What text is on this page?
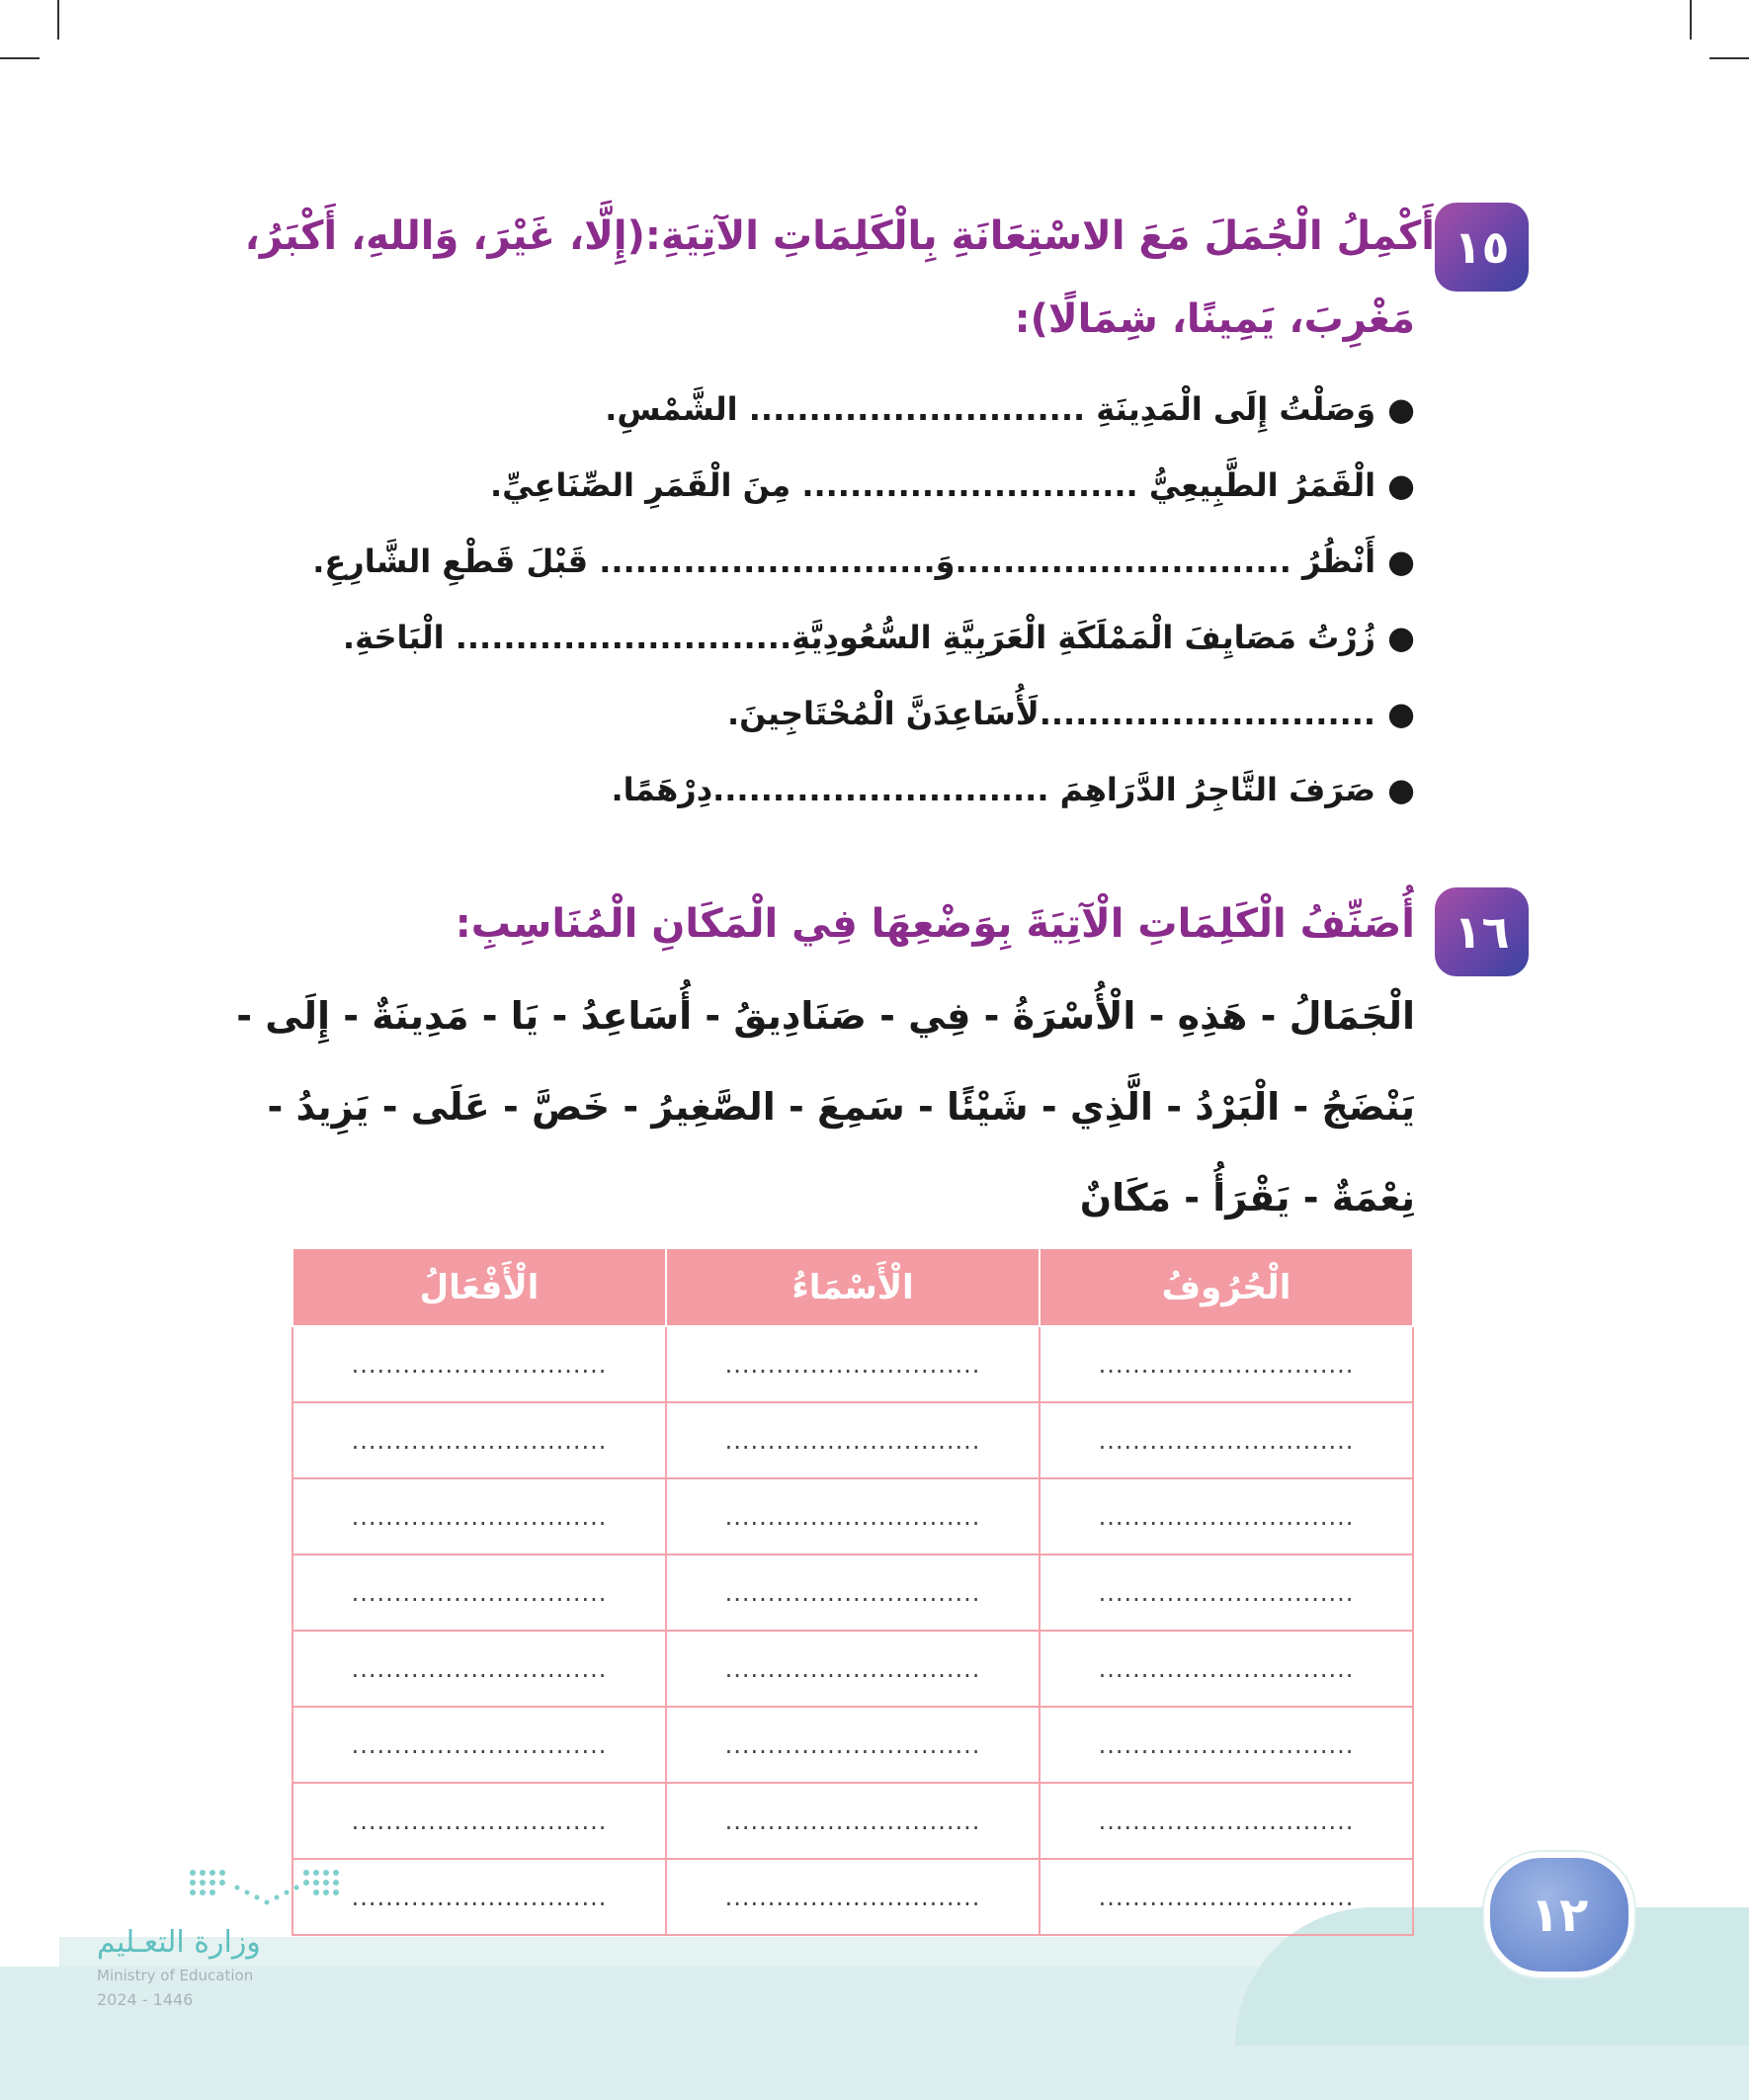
١٥
أَكْمِلُ الْجُمَلَ مَعَ الاسْتِعَانَةِ بِالْكَلِمَاتِ الآتِيَةِ:(إِلَّا، غَيْرَ، وَاللهِ، أَكْبَرُ،
مَغْرِبَ، يَمِينًا، شِمَالًا):
●وَصَلْتُ إِلَى الْمَدِينَةِ ............................ الشَّمْسِ.
●الْقَمَرُ الطَّبِيعِيُّ ............................ مِنَ الْقَمَرِ الصِّنَاعِيِّ.
●أَنْظُرُ ............................وَ............................ قَبْلَ قَطْعِ الشَّارِعِ.
●زُرْتُ مَصَايِفَ الْمَمْلَكَةِ الْعَرَبِيَّةِ السُّعُودِيَّةِ............................ الْبَاحَةِ.
●............................لَأُسَاعِدَنَّ الْمُحْتَاجِينَ.
●صَرَفَ التَّاجِرُ الدَّرَاهِمَ ............................دِرْهَمًا.
١٦
أُصَنِّفُ الْكَلِمَاتِ الْآتِيَةَ بِوَضْعِهَا فِي الْمَكَانِ الْمُنَاسِبِ:
الْجَمَالُ - هَذِهِ - الْأُسْرَةُ - فِي - صَنَادِيقُ - أُسَاعِدُ - يَا - مَدِينَةٌ - إِلَى -
يَنْضَجُ - الْبَرْدُ - الَّذِي - شَيْئًا - سَمِعَ - الصَّغِيرُ - خَصَّ - عَلَى - يَزِيدُ -
نِعْمَةٌ - يَقْرَأُ - مَكَانٌ
الْحُرُوفُ	الْأَسْمَاءُ	الْأَفْعَالُ
..............................	..............................	..............................
..............................	..............................	..............................
..............................	..............................	..............................
..............................	..............................	..............................
..............................	..............................	..............................
..............................	..............................	..............................
..............................	..............................	..............................
..............................	..............................	..............................
وزارة التعـليم
Ministry of Education
2024 - 1446
١٢
